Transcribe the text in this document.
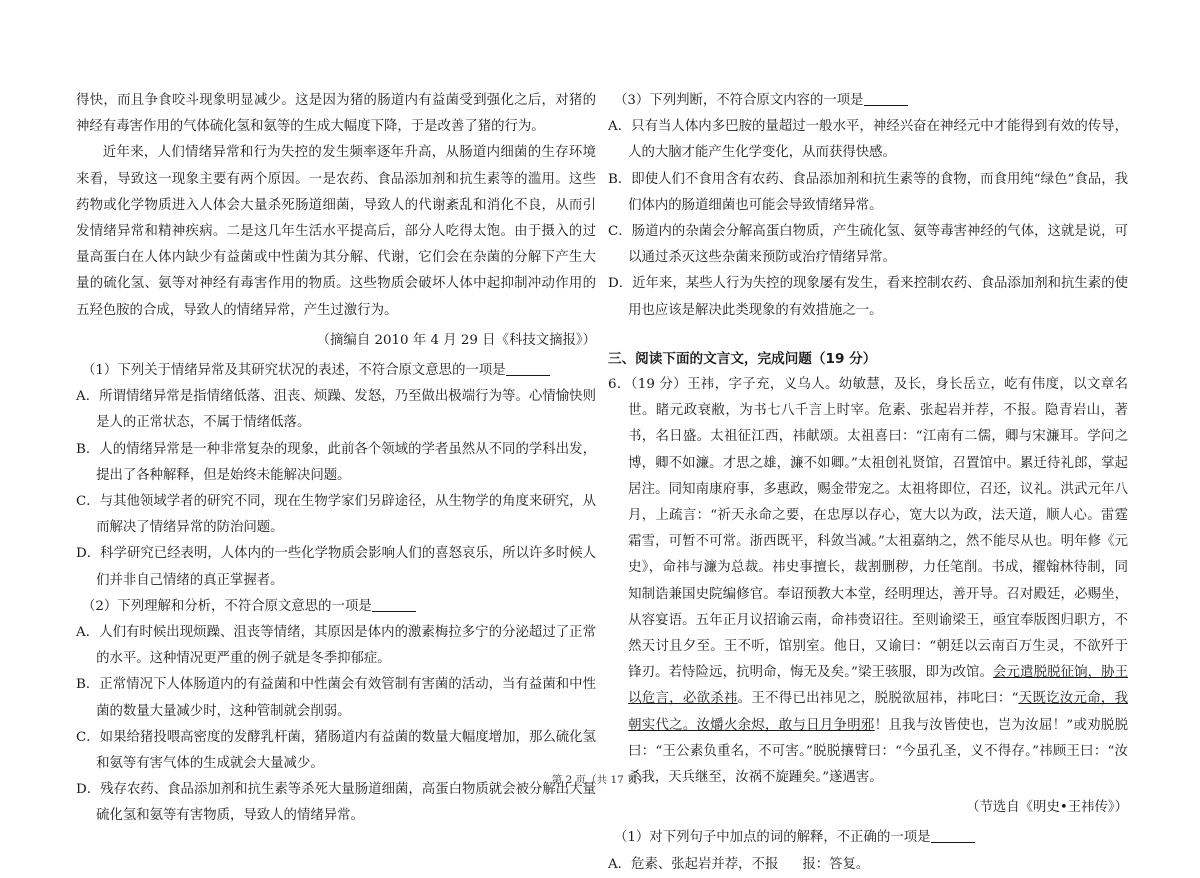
得快，而且争食咬斗现象明显减少。这是因为猪的肠道内有益菌受到强化之后，对猪的神经有毒害作用的气体硫化氢和氨等的生成大幅度下降，于是改善了猪的行为。

近年来，人们情绪异常和行为失控的发生频率逐年升高，从肠道内细菌的生存环境来看，导致这一现象主要有两个原因。一是农药、食品添加剂和抗生素等的滥用。这些药物或化学物质进入人体会大量杀死肠道细菌，导致人的代谢紊乱和消化不良，从而引发情绪异常和精神疾病。二是这几年生活水平提高后，部分人吃得太饱。由于摄入的过量高蛋白在人体内缺少有益菌或中性菌为其分解、代谢，它们会在杂菌的分解下产生大量的硫化氢、氨等对神经有毒害作用的物质。这些物质会破坏人体中起抑制冲动作用的五羟色胺的合成，导致人的情绪异常，产生过激行为。

（摘编自 2010 年 4 月 29 日《科技文摘报》）

（1）下列关于情绪异常及其研究状况的表述，不符合原文意思的一项是

A．所谓情绪异常是指情绪低落、沮丧、烦躁、发怒，乃至做出极端行为等。心情愉快则是人的正常状态，不属于情绪低落。

B．人的情绪异常是一种非常复杂的现象，此前各个领域的学者虽然从不同的学科出发，提出了各种解释，但是始终未能解决问题。

C．与其他领域学者的研究不同，现在生物学家们另辟途径，从生物学的角度来研究，从而解决了情绪异常的防治问题。

D．科学研究已经表明，人体内的一些化学物质会影响人们的喜怒哀乐，所以许多时候人们并非自己情绪的真正掌握者。

（2）下列理解和分析，不符合原文意思的一项是

A．人们有时候出现烦躁、沮丧等情绪，其原因是体内的激素梅拉多宁的分泌超过了正常的水平。这种情况更严重的例子就是冬季抑郁症。

B．正常情况下人体肠道内的有益菌和中性菌会有效管制有害菌的活动，当有益菌和中性菌的数量大量减少时，这种管制就会削弱。

C．如果给猪投喂高密度的发酵乳杆菌，猪肠道内有益菌的数量大幅度增加，那么硫化氢和氨等有害气体的生成就会大量减少。

D．残存农药、食品添加剂和抗生素等杀死大量肠道细菌，高蛋白物质就会被分解出大量硫化氢和氨等有害物质，导致人的情绪异常。

（3）下列判断，不符合原文内容的一项是

A．只有当人体内多巴胺的量超过一般水平，神经兴奋在神经元中才能得到有效的传导，人的大脑才能产生化学变化，从而获得快感。

B．即使人们不食用含有农药、食品添加剂和抗生素等的食物，而食用纯“绿色”食品，我们体内的肠道细菌也可能会导致情绪异常。

C．肠道内的杂菌会分解高蛋白物质，产生硫化氢、氨等毒害神经的气体，这就是说，可以通过杀灭这些杂菌来预防或治疗情绪异常。

D．近年来，某些人行为失控的现象屡有发生，看来控制农药、食品添加剂和抗生素的使用也应该是解决此类现象的有效措施之一。

三、阅读下面的文言文，完成问题（19 分）

6．（19 分）王祎，字子充，义乌人。幼敏慧，及长，身长岳立，屹有伟度，以文章名世。睹元政衰敝，为书七八千言上时宰。危素、张起岩并荐，不报。隐青岩山，著书，名日盛。太祖征江西，祎献颂。太祖喜曰：“江南有二儒，卿与宋濂耳。学问之博，卿不如濂。才思之雄，濂不如卿。”太祖创礼贤馆，召置馆中。累迁待礼郎，掌起居注。同知南康府事，多惠政，赐金带宠之。太祖将即位，召还，议礼。洪武元年八月，上疏言：“祈天永命之要，在忠厚以存心，宽大以为政，法天道，顺人心。雷霆霜雪，可暂不可常。浙西既平，科敛当减。”太祖嘉纳之，然不能尽从也。明年修《元史》，命祎与濂为总裁。祎史事擅长，裁割删秽，力任笔削。书成，擢翰林待制，同知制诰兼国史院编修官。奉诏预教大本堂，经明理达，善开导。召对殿廷，必赐坐，从容宴语。五年正月议招谕云南，命祎赍诏往。至则谕梁王，亟宜奉版图归职方，不然天讨且夕至。王不听，馆别室。他日，又谕曰：“朝廷以云南百万生灵，不欲歼于锋刃。若恃险远，抗明命，悔无及矣。”梁王骇服，即为改馆。会元遣脱脱征饷，胁王以危言，必欲杀祎。王不得已出祎见之，脱脱欲屈祎，祎叱曰：“天既讫汝元命，我朝实代之。汝爝火余烬，敢与日月争明邪！且我与汝皆使也，岂为汝屈！”或劝脱脱曰：“王公素负重名，不可害。”脱脱攘臂曰：“今虽孔圣，义不得存。”祎顾王曰：“汝杀我，天兵继至，汝祸不旋踵矣。”遂遇害。

（节选自《明史•王祎传》）

（1）对下列句子中加点的词的解释，不正确的一项是

A．危素、张起岩并荐，不报 报：答复。

第 2 页（共 17 页）
